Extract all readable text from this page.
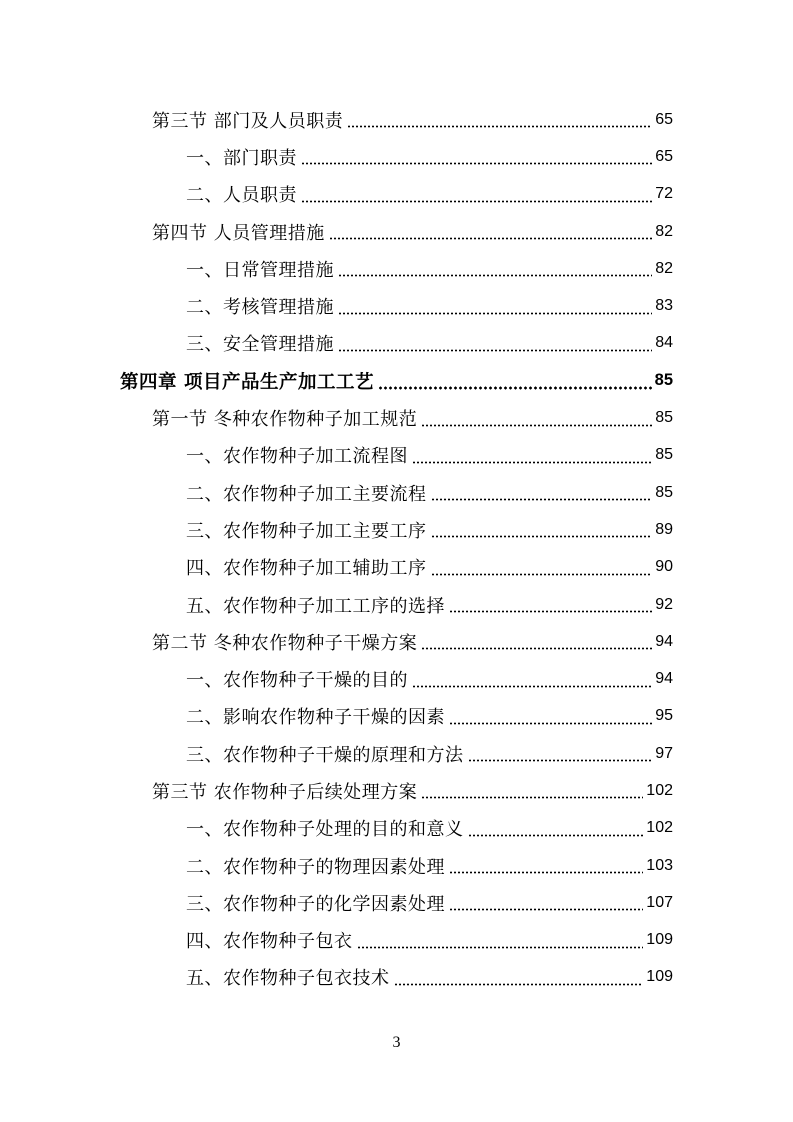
第三节 部门及人员职责	65
一、部门职责	65
二、人员职责	72
第四节 人员管理措施	82
一、日常管理措施	82
二、考核管理措施	83
三、安全管理措施	84
第四章 项目产品生产加工工艺	85
第一节 冬种农作物种子加工规范	85
一、农作物种子加工流程图	85
二、农作物种子加工主要流程	85
三、农作物种子加工主要工序	89
四、农作物种子加工辅助工序	90
五、农作物种子加工工序的选择	92
第二节 冬种农作物种子干燥方案	94
一、农作物种子干燥的目的	94
二、影响农作物种子干燥的因素	95
三、农作物种子干燥的原理和方法	97
第三节 农作物种子后续处理方案	102
一、农作物种子处理的目的和意义	102
二、农作物种子的物理因素处理	103
三、农作物种子的化学因素处理	107
四、农作物种子包衣	109
五、农作物种子包衣技术	109
3
